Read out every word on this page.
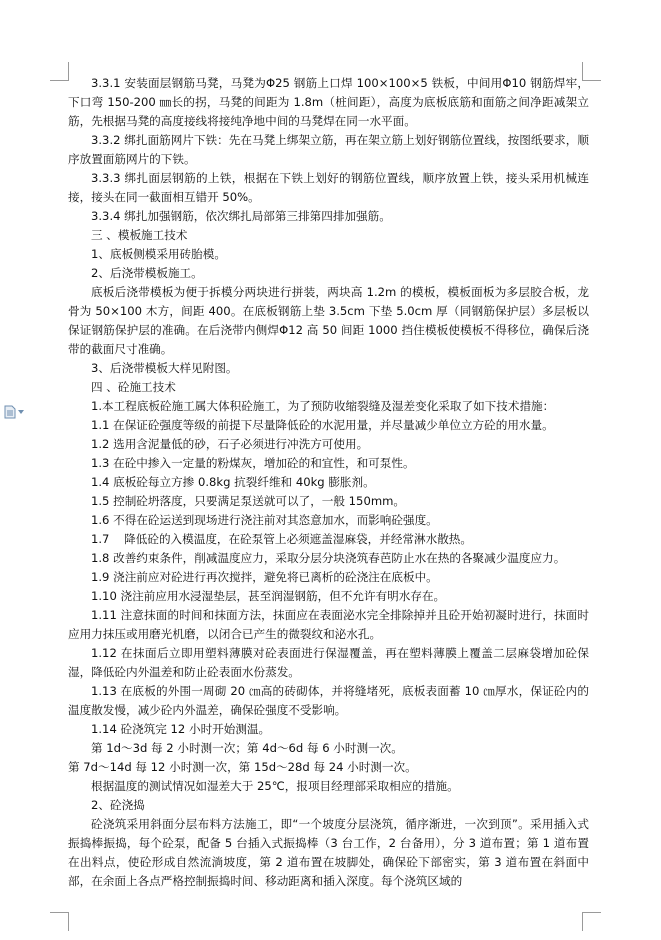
3.3.1 安装面层钢筋马凳，马凳为Φ25 钢筋上口焊 100×100×5 铁板，中间用Φ10 钢筋焊牢，下口弯 150-200 ㎜长的拐，马凳的间距为 1.8m（桩间距），高度为底板底筋和面筋之间净距减架立筋，先根据马凳的高度接线将接纯净地中间的马凳焊在同一水平面。

3.3.2 绑扎面筋网片下铁：先在马凳上绑架立筋，再在架立筋上划好钢筋位置线，按图纸要求，顺序放置面筋网片的下铁。

3.3.3 绑扎面层钢筋的上铁，根据在下铁上划好的钢筋位置线，顺序放置上铁，接头采用机械连接，接头在同一截面相互错开 50%。

3.3.4 绑扎加强钢筋，依次绑扎局部第三排第四排加强筋。

三 、模板施工技术

1、底板侧模采用砖胎模。

2、后浇带模板施工。

底板后浇带模板为便于拆模分两块进行拼装，两块高 1.2m 的模板，模板面板为多层胶合板，龙骨为 50×100 木方，间距 400。在底板钢筋上垫 3.5cm 下垫 5.0cm 厚（同钢筋保护层）多层板以保证钢筋保护层的准确。在后浇带内侧焊Φ12 高 50 间距 1000 挡住模板使模板不得移位，确保后浇带的截面尺寸准确。

3、后浇带模板大样见附图。

四 、砼施工技术

1.本工程底板砼施工属大体积砼施工，为了预防收缩裂缝及湿差变化采取了如下技术措施：

1.1 在保证砼强度等级的前提下尽量降低砼的水泥用量，并尽量减少单位立方砼的用水量。

1.2 选用含泥量低的砂，石子必须进行冲洗方可使用。

1.3 在砼中掺入一定量的粉煤灰，增加砼的和宜性，和可泵性。

1.4 底板砼每立方掺 0.8kg 抗裂纤维和 40kg 膨胀剂。

1.5 控制砼坍落度，只要满足泵送就可以了，一般 150mm。

1.6 不得在砼运送到现场进行浇注前对其恣意加水，而影响砼强度。

1.7    降低砼的入模温度，在砼泵管上必须遮盖湿麻袋，并经常淋水散热。

1.8 改善约束条件，削减温度应力，采取分层分块浇筑春芭防止水在热的各聚减少温度应力。

1.9 浇注前应对砼进行再次搅拌，避免将已离析的砼浇注在底板中。

1.10 浇注前应用水浸湿垫层，甚至润湿钢筋，但不允许有明水存在。

1.11 注意抹面的时间和抹面方法，抹面应在表面泌水完全排除掉并且砼开始初凝时进行，抹面时应用力抹压或用磨光机磨，以闭合已产生的微裂纹和泌水孔。

1.12 在抹面后立即用塑料薄膜对砼表面进行保湿覆盖，再在塑料薄膜上覆盖二层麻袋增加砼保湿，降低砼内外温差和防止砼表面水份蒸发。

1.13 在底板的外围一周砌 20 ㎝高的砖砌体，并将缝堵死，底板表面蓄 10 ㎝厚水，保证砼内的温度散发慢，减少砼内外温差，确保砼强度不受影响。

1.14 砼浇筑完 12 小时开始测温。

第 1d～3d 每 2 小时测一次；第 4d～6d 每 6 小时测一次。

第 7d～14d 每 12 小时测一次，第 15d～28d 每 24 小时测一次。

根据温度的测试情况如湿差大于 25℃，报项目经理部采取相应的措施。

2、砼浇捣

砼浇筑采用斜面分层布料方法施工，即“一个坡度分层浇筑，循序渐进，一次到顶”。采用插入式振捣棒振捣，每个砼泵，配备 5 台插入式振捣棒（3 台工作，2 台备用），分 3 道布置；第 1 道布置在出料点，使砼形成自然流淌坡度，第 2 道布置在坡脚处，确保砼下部密实，第 3 道布置在斜面中部，在余面上各点严格控制振捣时间、移动距离和插入深度。每个浇筑区域的
